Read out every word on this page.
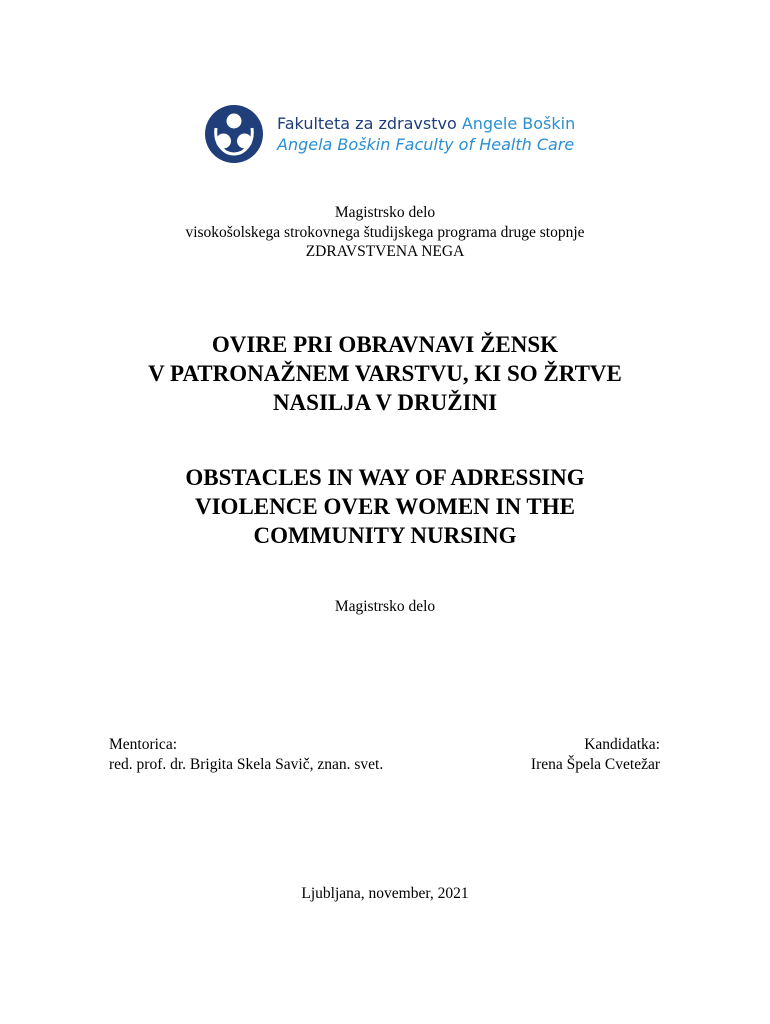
Fakulteta za zdravstvo Angele Boškin
Angela Boškin Faculty of Health Care
Magistrsko delo
visokošolskega strokovnega študijskega programa druge stopnje
ZDRAVSTVENA NEGA
OVIRE PRI OBRAVNAVI ŽENSK
V PATRONAŽNEM VARSTVU, KI SO ŽRTVE
NASILJA V DRUŽINI
OBSTACLES IN WAY OF ADRESSING
VIOLENCE OVER WOMEN IN THE
COMMUNITY NURSING
Magistrsko delo
Mentorica:
red. prof. dr. Brigita Skela Savič, znan. svet.
Kandidatka:
Irena Špela Cvetežar
Ljubljana, november, 2021
